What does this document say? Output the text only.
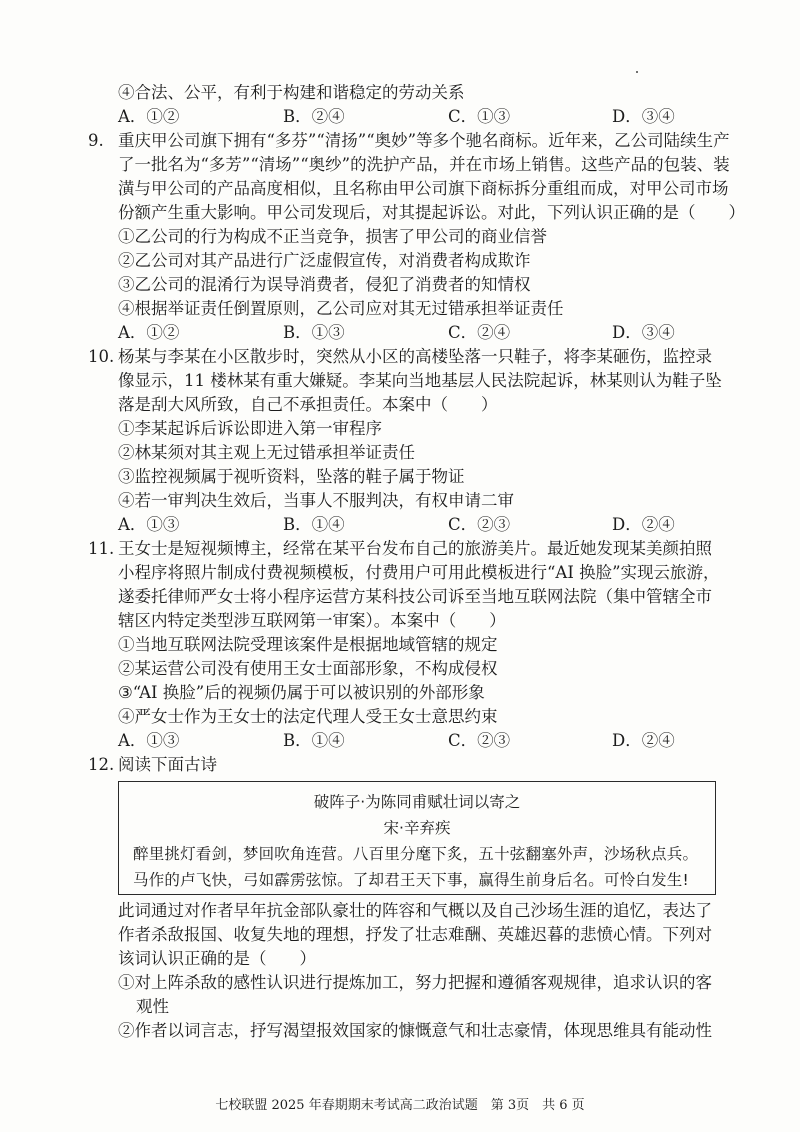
④合法、公平，有利于构建和谐稳定的劳动关系
A．①②	B．②④	C．①③	D．③④
9. 重庆甲公司旗下拥有“多芬”“清扬”“奥妙”等多个驰名商标。近年来，乙公司陆续生产
了一批名为“多芳”“清场”“奥纱”的洗护产品，并在市场上销售。这些产品的包装、装
潢与甲公司的产品高度相似，且名称由甲公司旗下商标拆分重组而成，对甲公司市场
份额产生重大影响。甲公司发现后，对其提起诉讼。对此，下列认识正确的是（　　）
①乙公司的行为构成不正当竞争，损害了甲公司的商业信誉
②乙公司对其产品进行广泛虚假宣传，对消费者构成欺诈
③乙公司的混淆行为误导消费者，侵犯了消费者的知情权
④根据举证责任倒置原则，乙公司应对其无过错承担举证责任
A．①②	B．①③	C．②④	D．③④
10. 杨某与李某在小区散步时，突然从小区的高楼坠落一只鞋子，将李某砸伤，监控录
像显示，11 楼林某有重大嫌疑。李某向当地基层人民法院起诉，林某则认为鞋子坠
落是刮大风所致，自己不承担责任。本案中（　　）
①李某起诉后诉讼即进入第一审程序
②林某须对其主观上无过错承担举证责任
③监控视频属于视听资料，坠落的鞋子属于物证
④若一审判决生效后，当事人不服判决，有权申请二审
A．①③	B．①④	C．②③	D．②④
11. 王女士是短视频博主，经常在某平台发布自己的旅游美片。最近她发现某美颜拍照
小程序将照片制成付费视频模板，付费用户可用此模板进行“AI 换脸”实现云旅游，
遂委托律师严女士将小程序运营方某科技公司诉至当地互联网法院（集中管辖全市
辖区内特定类型涉互联网第一审案）。本案中（　　）
①当地互联网法院受理该案件是根据地域管辖的规定
②某运营公司没有使用王女士面部形象，不构成侵权
③“AI 换脸”后的视频仍属于可以被识别的外部形象
④严女士作为王女士的法定代理人受王女士意思约束
A．①③	B．①④	C．②③	D．②④
12. 阅读下面古诗
破阵子·为陈同甫赋壮词以寄之
宋·辛弃疾
醉里挑灯看剑，梦回吹角连营。八百里分麾下炙，五十弦翻塞外声，沙场秋点兵。
马作的卢飞快，弓如霹雳弦惊。了却君王天下事，赢得生前身后名。可怜白发生!
此词通过对作者早年抗金部队豪壮的阵容和气概以及自己沙场生涯的追忆，表达了
作者杀敌报国、收复失地的理想，抒发了壮志难酬、英雄迟暮的悲愤心情。下列对
该词认识正确的是（　　）
①对上阵杀敌的感性认识进行提炼加工，努力把握和遵循客观规律，追求认识的客
观性
②作者以词言志，抒写渴望报效国家的慷慨意气和壮志豪情，体现思维具有能动性
七校联盟 2025 年春期期末考试高二政治试题　第 3页　共 6 页
